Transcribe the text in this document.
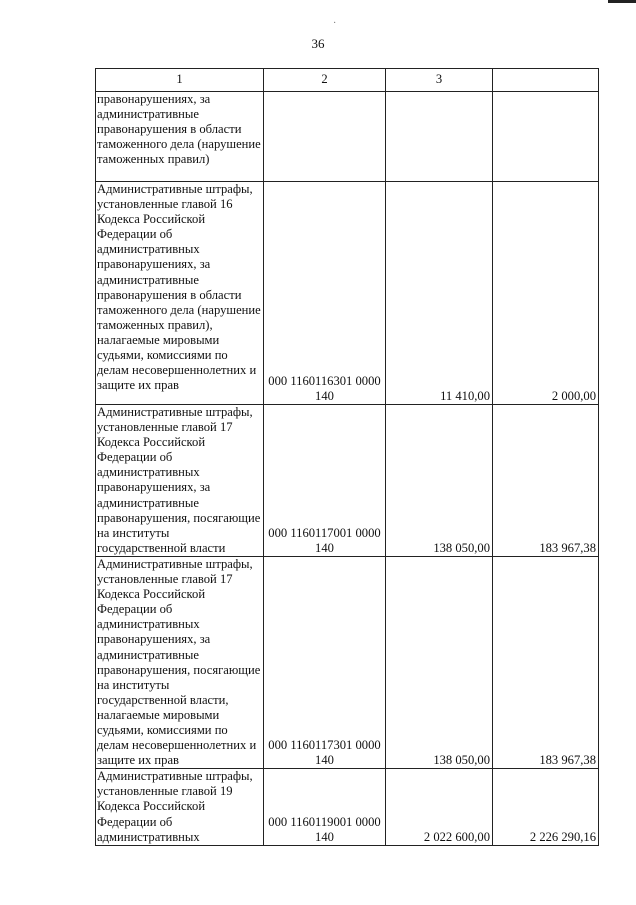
·
36
1	2	3	
правонарушениях, за административные правонарушения в области таможенного дела (нарушение таможенных правил)			
Административные штрафы, установленные главой 16 Кодекса Российской Федерации об административных правонарушениях, за административные правонарушения в области таможенного дела (нарушение таможенных правил), налагаемые мировыми судьями, комиссиями по делам несовершеннолетних и защите их прав	000 1160116301 0000 140	11 410,00	2 000,00
Административные штрафы, установленные главой 17 Кодекса Российской Федерации об административных правонарушениях, за административные правонарушения, посягающие на институты государственной власти	000 1160117001 0000 140	138 050,00	183 967,38
Административные штрафы, установленные главой 17 Кодекса Российской Федерации об административных правонарушениях, за административные правонарушения, посягающие на институты государственной власти, налагаемые мировыми судьями, комиссиями по делам несовершеннолетних и защите их прав	000 1160117301 0000 140	138 050,00	183 967,38
Административные штрафы, установленные главой 19 Кодекса Российской Федерации об административных	000 1160119001 0000 140	2 022 600,00	2 226 290,16
